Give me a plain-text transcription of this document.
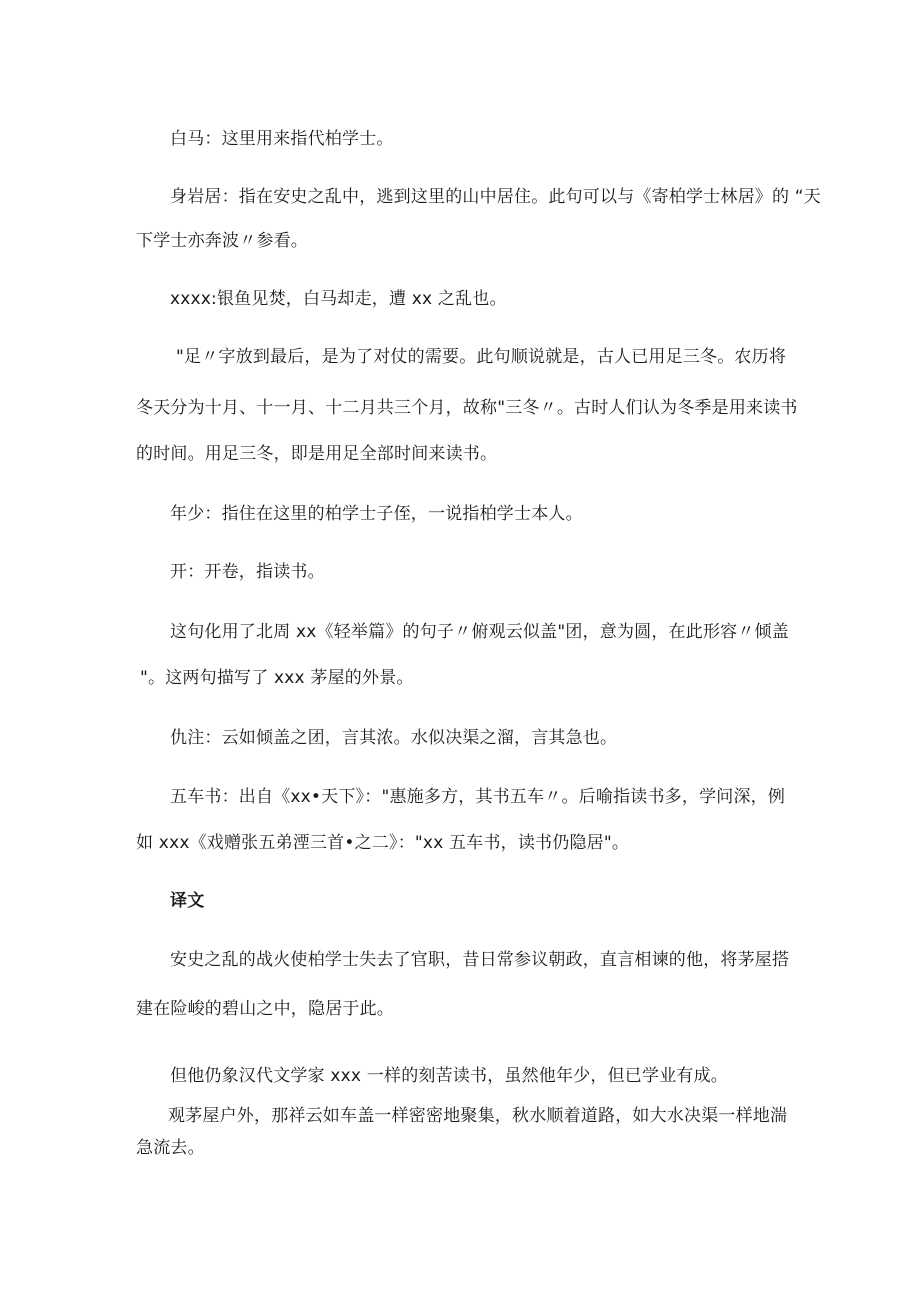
白马：这里用来指代柏学士。
身岩居：指在安史之乱中，逃到这里的山中居住。此句可以与《寄柏学士林居》的 “天
下学士亦奔波〃参看。
xxxx:银鱼见焚，白马却走，遭 xx 之乱也。
"足〃字放到最后，是为了对仗的需要。此句顺说就是，古人已用足三冬。农历将
冬天分为十月、十一月、十二月共三个月，故称"三冬〃。古时人们认为冬季是用来读书
的时间。用足三冬，即是用足全部时间来读书。
年少：指住在这里的柏学士子侄，一说指柏学士本人。
开：开卷，指读书。
这句化用了北周 xx《轻举篇》的句子〃俯观云似盖"团，意为圆，在此形容〃倾盖
"。这两句描写了 xxx 茅屋的外景。
仇注：云如倾盖之团，言其浓。水似决渠之溜，言其急也。
五车书：出自《xx•天下》："惠施多方，其书五车〃。后喻指读书多，学问深，例
如 xxx《戏赠张五弟湮三首•之二》："xx 五车书，读书仍隐居"。
译文
安史之乱的战火使柏学士失去了官职，昔日常参议朝政，直言相谏的他，将茅屋搭
建在险峻的碧山之中，隐居于此。
但他仍象汉代文学家 xxx 一样的刻苦读书，虽然他年少，但已学业有成。
观茅屋户外，那祥云如车盖一样密密地聚集，秋水顺着道路，如大水决渠一样地湍
急流去。
